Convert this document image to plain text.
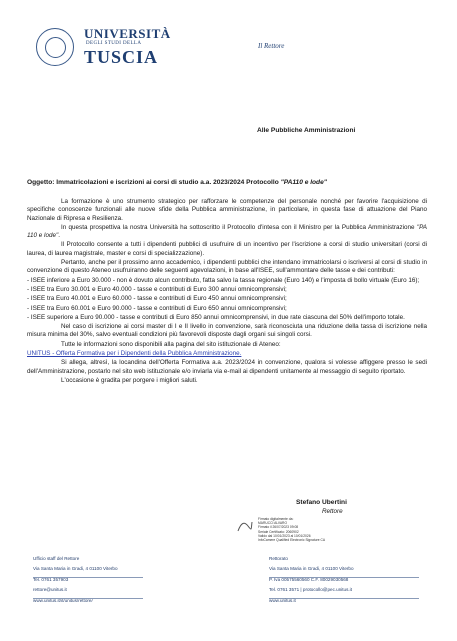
UNIVERSITÀ
DEGLI STUDI DELLA
TUSCIA
Il Rettore
Alle Pubbliche Amministrazioni
Oggetto: Immatricolazioni e iscrizioni ai corsi di studio a.a. 2023/2024 Protocollo "PA110 e lode"

La formazione è uno strumento strategico per rafforzare le competenze del personale nonché per favorire l'acquisizione di specifiche conoscenze funzionali alle nuove sfide della Pubblica amministrazione, in particolare, in questa fase di attuazione del Piano Nazionale di Ripresa e Resilienza.

In questa prospettiva la nostra Università ha sottoscritto il Protocollo d'intesa con il Ministro per la Pubblica Amministrazione "PA 110 e lode".

Il Protocollo consente a tutti i dipendenti pubblici di usufruire di un incentivo per l'iscrizione a corsi di studio universitari (corsi di laurea, di laurea magistrale, master e corsi di specializzazione).

Pertanto, anche per il prossimo anno accademico, i dipendenti pubblici che intendano immatricolarsi o iscriversi al corsi di studio in convenzione di questo Ateneo usufruiranno delle seguenti agevolazioni, in base all'ISEE, sull'ammontare delle tasse e dei contributi:

- ISEE inferiore a Euro 30.000 - non è dovuto alcun contributo, fatta salvo la tassa regionale (Euro 140) e l'imposta di bollo virtuale (Euro 16);

- ISEE tra Euro 30.001 e Euro 40.000 - tasse e contributi di Euro 300 annui omnicomprensivi;

- ISEE tra Euro 40.001 e Euro 60.000 - tasse e contributi di Euro 450 annui omnicomprensivi;

- ISEE tra Euro 60.001 e Euro 90.000 - tasse e contributi di Euro 650 annui omnicomprensivi;

- ISEE superiore a Euro 90.000 - tasse e contributi di Euro 850 annui omnicomprensivi, in due rate ciascuna del 50% dell'importo totale.

Nel caso di iscrizione ai corsi master di I e II livello in convenzione, sarà riconosciuta una riduzione della tassa di iscrizione nella misura minima del 30%, salvo eventuali condizioni più favorevoli disposte dagli organi sui singoli corsi.

Tutte le informazioni sono disponibili alla pagina del sito istituzionale di Ateneo:

UNITUS - Offerta Formativa per i Dipendenti della Pubblica Amministrazione.

Si allega, altresì, la locandina dell'Offerta Formativa a.a. 2023/2024 in convenzione, qualora si volesse affiggere presso le sedi dell'Amministrazione, postarlo nel sito web istituzionale e/o inviarla via e-mail ai dipendenti unitamente al messaggio di seguito riportato.

L'occasione è gradita per porgere i migliori saluti.

Stefano Ubertini
Rettore
Firmato digitalmente da:
MARUCCI ALVARO
Firmato il 26/07/2023 09:08
Seriale Certificato: 2060902
Valido dal 10/01/2023 al 10/01/2026
InfoCamere Qualified Electronic Signature CA
Ufficio staff del Rettore
Via Santa Maria in Gradi, 4 01100 Viterbo
Tel. 0761 357903
rettore@unitus.it
www.unitus.it/it/unitus/rettore/
Rettorato
Via Santa Maria in Gradi, 4 01100 Viterbo
P. Iva 00575560560 C.F. 80029030568
Tel. 0761 3571 | protocollo@pec.unitus.it
www.unitus.it
